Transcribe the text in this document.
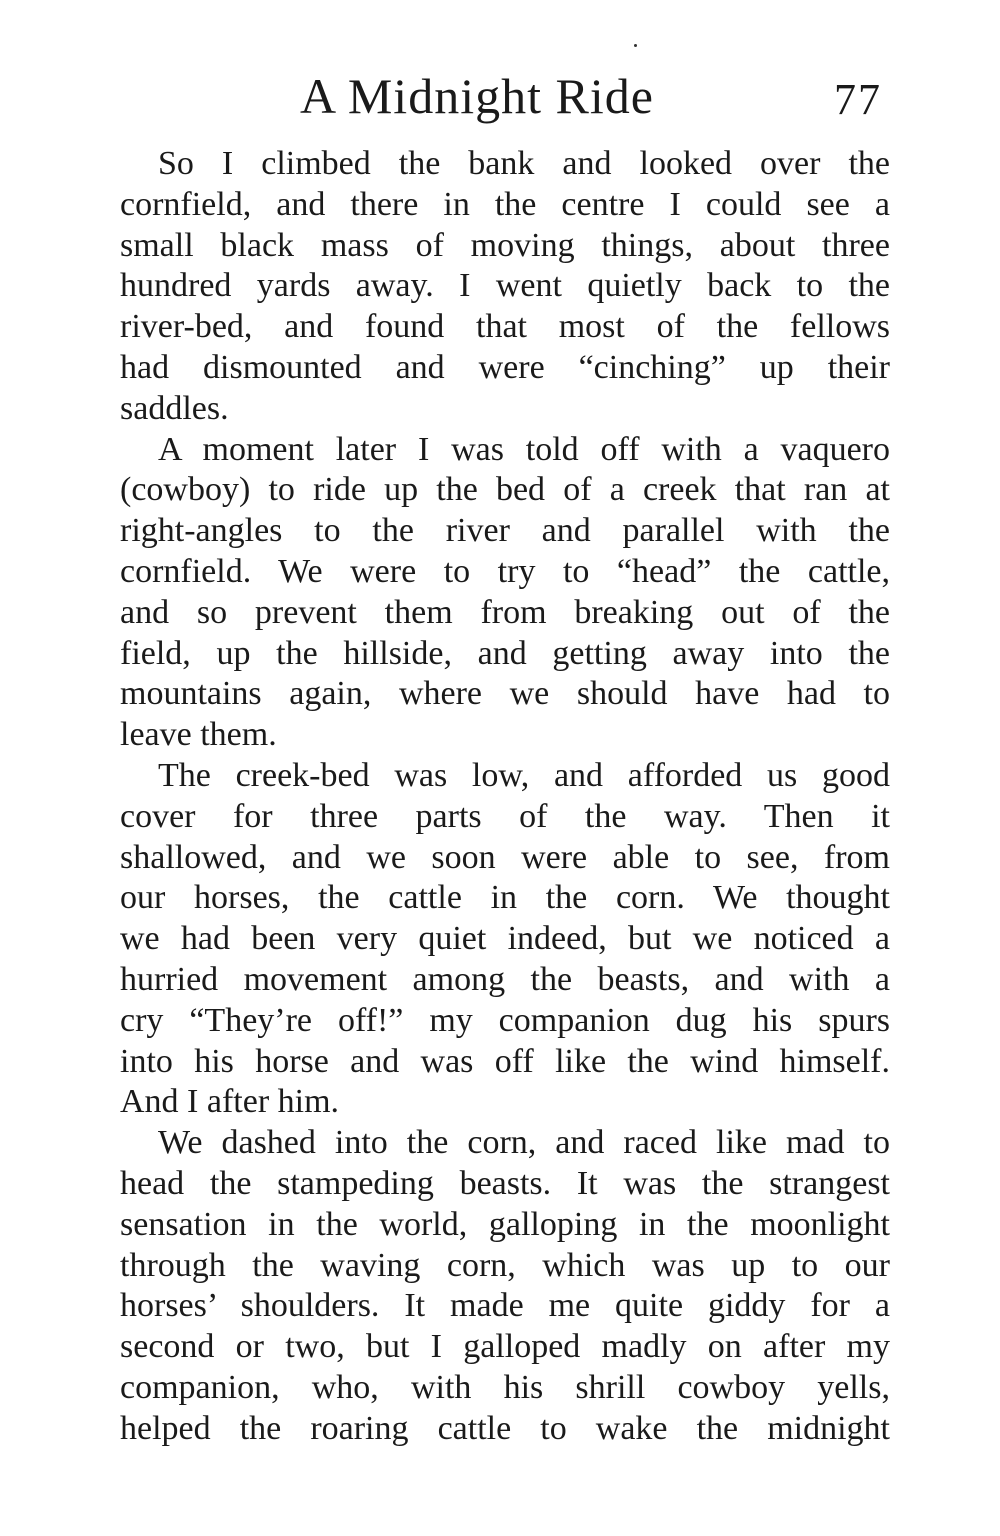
A Midnight Ride	77
So I climbed the bank and looked over the
cornfield, and there in the centre I could see a
small black mass of moving things, about three
hundred yards away. I went quietly back to the
river-bed, and found that most of the fellows
had dismounted and were “cinching” up their
saddles.
A moment later I was told off with a vaquero
(cowboy) to ride up the bed of a creek that ran at
right-angles to the river and parallel with the
cornfield. We were to try to “head” the cattle,
and so prevent them from breaking out of the
field, up the hillside, and getting away into the
mountains again, where we should have had to
leave them.
The creek-bed was low, and afforded us good
cover for three parts of the way. Then it
shallowed, and we soon were able to see, from
our horses, the cattle in the corn. We thought
we had been very quiet indeed, but we noticed a
hurried movement among the beasts, and with a
cry “They’re off!” my companion dug his spurs
into his horse and was off like the wind himself.
And I after him.
We dashed into the corn, and raced like mad to
head the stampeding beasts. It was the strangest
sensation in the world, galloping in the moonlight
through the waving corn, which was up to our
horses’ shoulders. It made me quite giddy for a
second or two, but I galloped madly on after my
companion, who, with his shrill cowboy yells,
helped the roaring cattle to wake the midnight
